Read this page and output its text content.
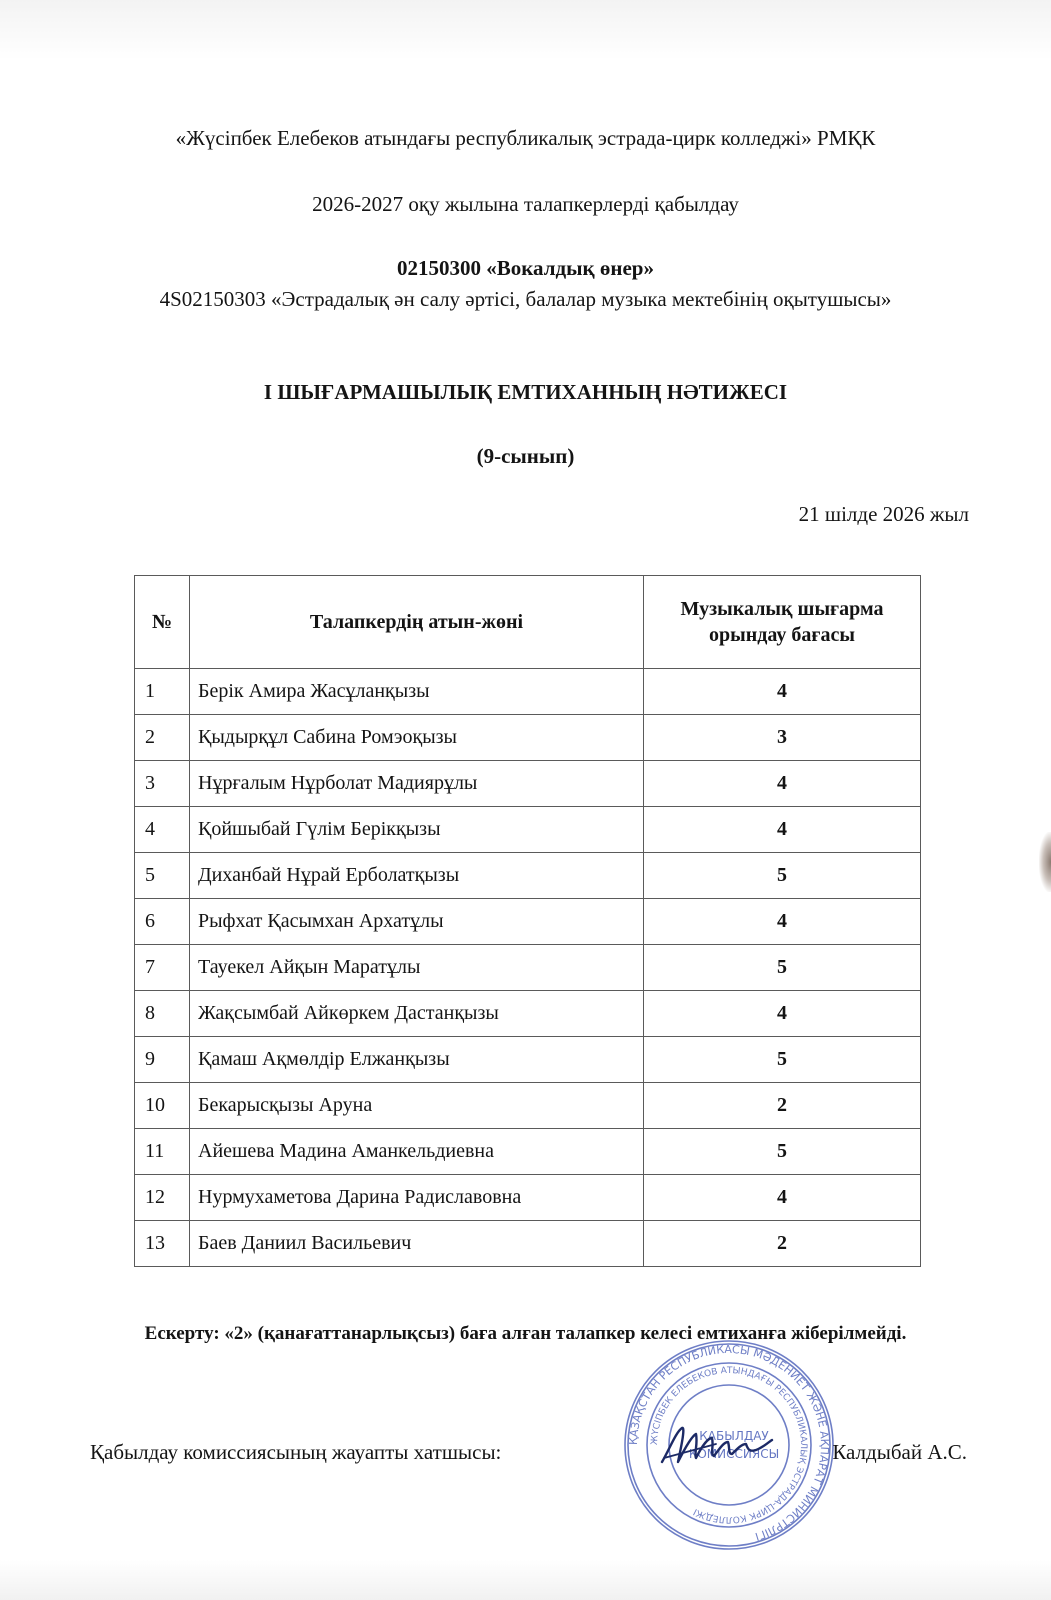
«Жүсіпбек Елебеков атындағы республикалық эстрада-цирк колледжі» РМҚК
2026-2027 оқу жылына талапкерлерді қабылдау
02150300 «Вокалдық өнер»
4S02150303 «Эстрадалық ән салу әртісі, балалар музыка мектебінің оқытушысы»
І ШЫҒАРМАШЫЛЫҚ ЕМТИХАННЫҢ НӘТИЖЕСІ
(9-сынып)
21 шілде 2026 жыл
№	Талапкердің атын-жөні	Музыкалық шығарма орындау бағасы
1	Берік Амира Жасұланқызы	4
2	Қыдырқұл Сабина Ромэоқызы	3
3	Нұрғалым Нұрболат Мадиярұлы	4
4	Қойшыбай Гүлім Берікқызы	4
5	Диханбай Нұрай Ерболатқызы	5
6	Рыфхат Қасымхан Архатұлы	4
7	Тауекел Айқын Маратұлы	5
8	Жақсымбай Айкөркем Дастанқызы	4
9	Қамаш Ақмөлдір Елжанқызы	5
10	Бекарысқызы Аруна	2
11	Айешева Мадина Аманкельдиевна	5
12	Нурмухаметова Дарина Радиславовна	4
13	Баев Даниил Васильевич	2
Ескерту: «2» (қанағаттанарлықсыз) баға алған талапкер келесі емтиханға жіберілмейді.
Қабылдау комиссиясының жауапты хатшысы:	ҚАЗАҚСТАН РЕСПУБЛИКАСЫ МӘДЕНИЕТ ЖӘНЕ АҚПАРАТ МИНИСТРЛІГІ
ЖҮСІПБЕК ЕЛЕБЕКОВ АТЫНДАҒЫ РЕСПУБЛИКАЛЫҚ ЭСТРАДА-ЦИРК КОЛЛЕДЖІ
КАБЫЛДАУ
КОМИССИЯСЫ	Калдыбай А.С.
